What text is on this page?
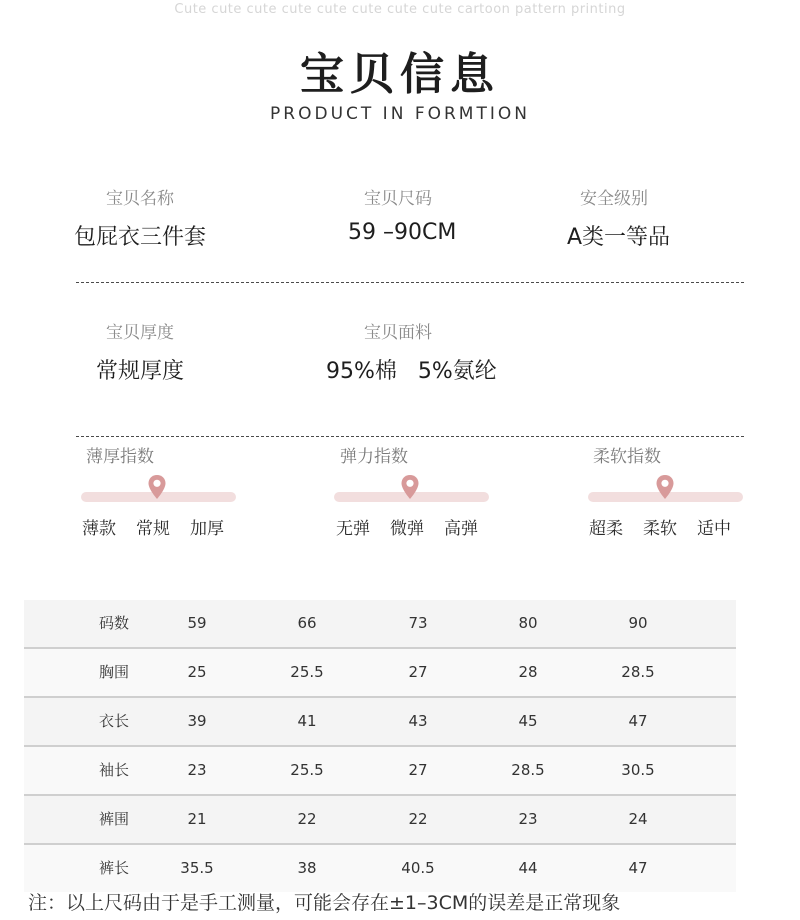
Cute cute cute cute cute cute cute cute cartoon pattern printing
宝贝信息
PRODUCT IN FORMTION
宝贝名称
包屁衣三件套
宝贝尺码
59 –90CM
安全级别
A类一等品
宝贝厚度
常规厚度
宝贝面料
95%棉   5%氨纶
薄厚指数
薄款 常规 加厚
弹力指数
无弹 微弹 高弹
柔软指数
超柔 柔软 适中
码数	59	66	73	80	90
胸围	25	25.5	27	28	28.5
衣长	39	41	43	45	47
袖长	23	25.5	27	28.5	30.5
裤围	21	22	22	23	24
裤长	35.5	38	40.5	44	47
注：以上尺码由于是手工测量，可能会存在±1–3CM的误差是正常现象
